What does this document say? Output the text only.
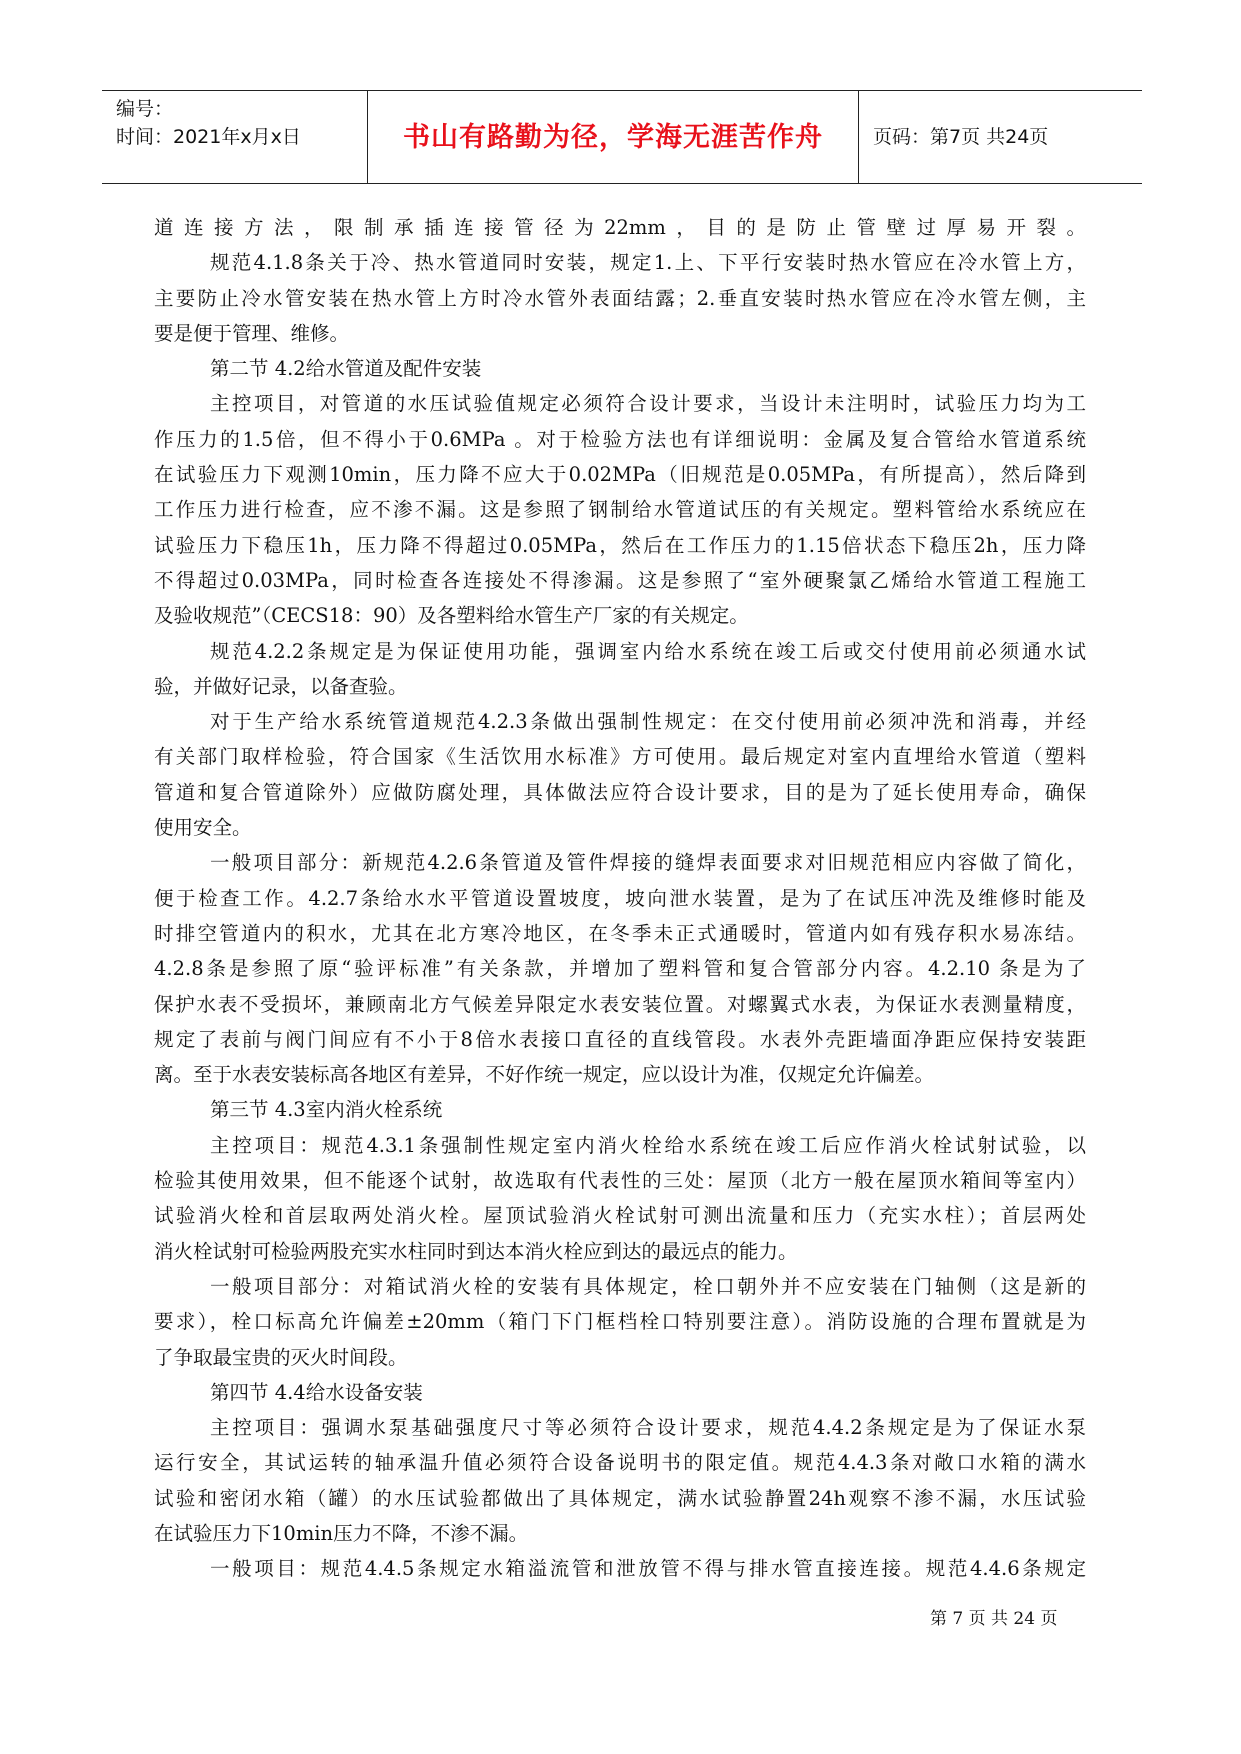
编号：
时间：2021年x月x日	书山有路勤为径，学海无涯苦作舟	页码：第7页 共24页
道连接方法，限制承插连接管径为22mm，目的是防止管壁过厚易开裂。
规范4.1.8条关于冷、热水管道同时安装，规定1.上、下平行安装时热水管应在冷水管上方，
主要防止冷水管安装在热水管上方时冷水管外表面结露；2.垂直安装时热水管应在冷水管左侧，主
要是便于管理、维修。
第二节 4.2给水管道及配件安装
主控项目，对管道的水压试验值规定必须符合设计要求，当设计未注明时，试验压力均为工
作压力的1.5倍，但不得小于0.6MPa 。对于检验方法也有详细说明：金属及复合管给水管道系统
在试验压力下观测10min，压力降不应大于0.02MPa（旧规范是0.05MPa，有所提高），然后降到
工作压力进行检查，应不渗不漏。这是参照了钢制给水管道试压的有关规定。塑料管给水系统应在
试验压力下稳压1h，压力降不得超过0.05MPa，然后在工作压力的1.15倍状态下稳压2h，压力降
不得超过0.03MPa，同时检查各连接处不得渗漏。这是参照了“室外硬聚氯乙烯给水管道工程施工
及验收规范”（CECS18：90）及各塑料给水管生产厂家的有关规定。
规范4.2.2条规定是为保证使用功能，强调室内给水系统在竣工后或交付使用前必须通水试
验，并做好记录，以备查验。
对于生产给水系统管道规范4.2.3条做出强制性规定：在交付使用前必须冲洗和消毒，并经
有关部门取样检验，符合国家《生活饮用水标准》方可使用。最后规定对室内直埋给水管道（塑料
管道和复合管道除外）应做防腐处理，具体做法应符合设计要求，目的是为了延长使用寿命，确保
使用安全。
一般项目部分：新规范4.2.6条管道及管件焊接的缝焊表面要求对旧规范相应内容做了简化，
便于检查工作。4.2.7条给水水平管道设置坡度，坡向泄水装置，是为了在试压冲洗及维修时能及
时排空管道内的积水，尤其在北方寒冷地区，在冬季未正式通暖时，管道内如有残存积水易冻结。
4.2.8条是参照了原“验评标准”有关条款，并增加了塑料管和复合管部分内容。4.2.10 条是为了
保护水表不受损坏，兼顾南北方气候差异限定水表安装位置。对螺翼式水表，为保证水表测量精度，
规定了表前与阀门间应有不小于8倍水表接口直径的直线管段。水表外壳距墙面净距应保持安装距
离。至于水表安装标高各地区有差异，不好作统一规定，应以设计为准，仅规定允许偏差。
第三节 4.3室内消火栓系统
主控项目：规范4.3.1条强制性规定室内消火栓给水系统在竣工后应作消火栓试射试验，以
检验其使用效果，但不能逐个试射，故选取有代表性的三处：屋顶（北方一般在屋顶水箱间等室内）
试验消火栓和首层取两处消火栓。屋顶试验消火栓试射可测出流量和压力（充实水柱）；首层两处
消火栓试射可检验两股充实水柱同时到达本消火栓应到达的最远点的能力。
一般项目部分：对箱试消火栓的安装有具体规定，栓口朝外并不应安装在门轴侧（这是新的
要求），栓口标高允许偏差±20mm（箱门下门框档栓口特别要注意）。消防设施的合理布置就是为
了争取最宝贵的灭火时间段。
第四节 4.4给水设备安装
主控项目：强调水泵基础强度尺寸等必须符合设计要求，规范4.4.2条规定是为了保证水泵
运行安全，其试运转的轴承温升值必须符合设备说明书的限定值。规范4.4.3条对敞口水箱的满水
试验和密闭水箱（罐）的水压试验都做出了具体规定，满水试验静置24h观察不渗不漏，水压试验
在试验压力下10min压力不降，不渗不漏。
一般项目：规范4.4.5条规定水箱溢流管和泄放管不得与排水管直接连接。规范4.4.6条规定
第 7 页 共 24 页
